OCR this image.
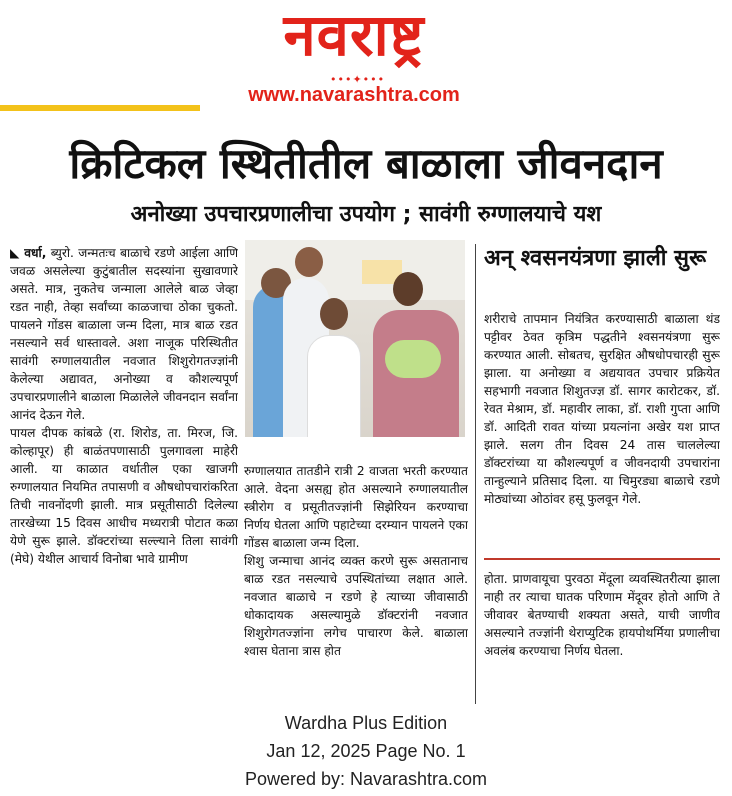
नवराष्ट्र
•••✦•••
www.navarashtra.com
क्रिटिकल स्थितीतील बाळाला जीवनदान
अनोख्या उपचारप्रणालीचा उपयोग ; सावंगी रुग्णालयाचे यश

◣ वर्धा, ब्युरो. जन्मतःच बाळाचे रडणे आईला आणि जवळ असलेल्या कुटुंबातील सदस्यांना सुखावणारे असते. मात्र, नुकतेच जन्माला आलेले बाळ जेव्हा रडत नाही, तेव्हा सर्वांच्या काळजाचा ठोका चुकतो. पायलने गोंडस बाळाला जन्म दिला, मात्र बाळ रडत नसल्याने सर्व धास्तावले. अशा नाजूक परिस्थितीत सावंगी रुग्णालयातील नवजात शिशुरोगतज्ज्ञांनी केलेल्या अद्यावत, अनोख्या व कौशल्यपूर्ण उपचारप्रणालीने बाळाला मिळालेले जीवनदान सर्वांना आनंद देऊन गेले.

पायल दीपक कांबळे (रा. शिरोड, ता. मिरज, जि. कोल्हापूर) ही बाळंतपणासाठी पुलगावला माहेरी आली. या काळात वर्धातील एका खाजगी रुग्णालयात नियमित तपासणी व औषधोपचारांकरिता तिची नावनोंदणी झाली. मात्र प्रसूतीसाठी दिलेल्या तारखेच्या 15 दिवस आधीच मध्यरात्री पोटात कळा येणे सुरू झाले. डॉक्टरांच्या सल्ल्याने तिला सावंगी (मेघे) येथील आचार्य विनोबा भावे ग्रामीण

रुग्णालयात तातडीने रात्री 2 वाजता भरती करण्यात आले. वेदना असह्य होत असल्याने रुग्णालयातील स्त्रीरोग व प्रसूतीतज्ज्ञांनी सिझेरियन करण्याचा निर्णय घेतला आणि पहाटेच्या दरम्यान पायलने एका गोंडस बाळाला जन्म दिला.

शिशु जन्माचा आनंद व्यक्त करणे सुरू असतानाच बाळ रडत नसल्याचे उपस्थितांच्या लक्षात आले. नवजात बाळाचे न रडणे हे त्याच्या जीवासाठी धोकादायक असल्यामुळे डॉक्टरांनी नवजात शिशुरोगतज्ज्ञांना लगेच पाचारण केले. बाळाला श्वास घेताना त्रास होत

अन् श्वसनयंत्रणा झाली सुरू

शरीराचे तापमान नियंत्रित करण्यासाठी बाळाला थंड पट्टीवर ठेवत कृत्रिम पद्धतीने श्वसनयंत्रणा सुरू करण्यात आली. सोबतच, सुरक्षित औषधोपचारही सुरू झाला. या अनोख्या व अद्ययावत उपचार प्रक्रियेत सहभागी नवजात शिशुतज्ज्ञ डॉ. सागर कारोटकर, डॉ. रेवत मेश्राम, डॉ. महावीर लाका, डॉ. राशी गुप्ता आणि डॉ. आदिती रावत यांच्या प्रयत्नांना अखेर यश प्राप्त झाले. सलग तीन दिवस 24 तास चाललेल्या डॉक्टरांच्या या कौशल्यपूर्ण व जीवनदायी उपचारांना तान्हुल्याने प्रतिसाद दिला. या चिमुरड्या बाळाचे रडणे मोठ्यांच्या ओठांवर हसू फुलवून गेले.

होता. प्राणवायूचा पुरवठा मेंदूला व्यवस्थितरीत्या झाला नाही तर त्याचा घातक परिणाम मेंदूवर होतो आणि ते जीवावर बेतण्याची शक्यता असते, याची जाणीव असल्याने तज्ज्ञांनी थेराप्युटिक हायपोथर्मिया प्रणालीचा अवलंब करण्याचा निर्णय घेतला.

Wardha Plus Edition
Jan 12, 2025 Page No. 1
Powered by: Navarashtra.com
